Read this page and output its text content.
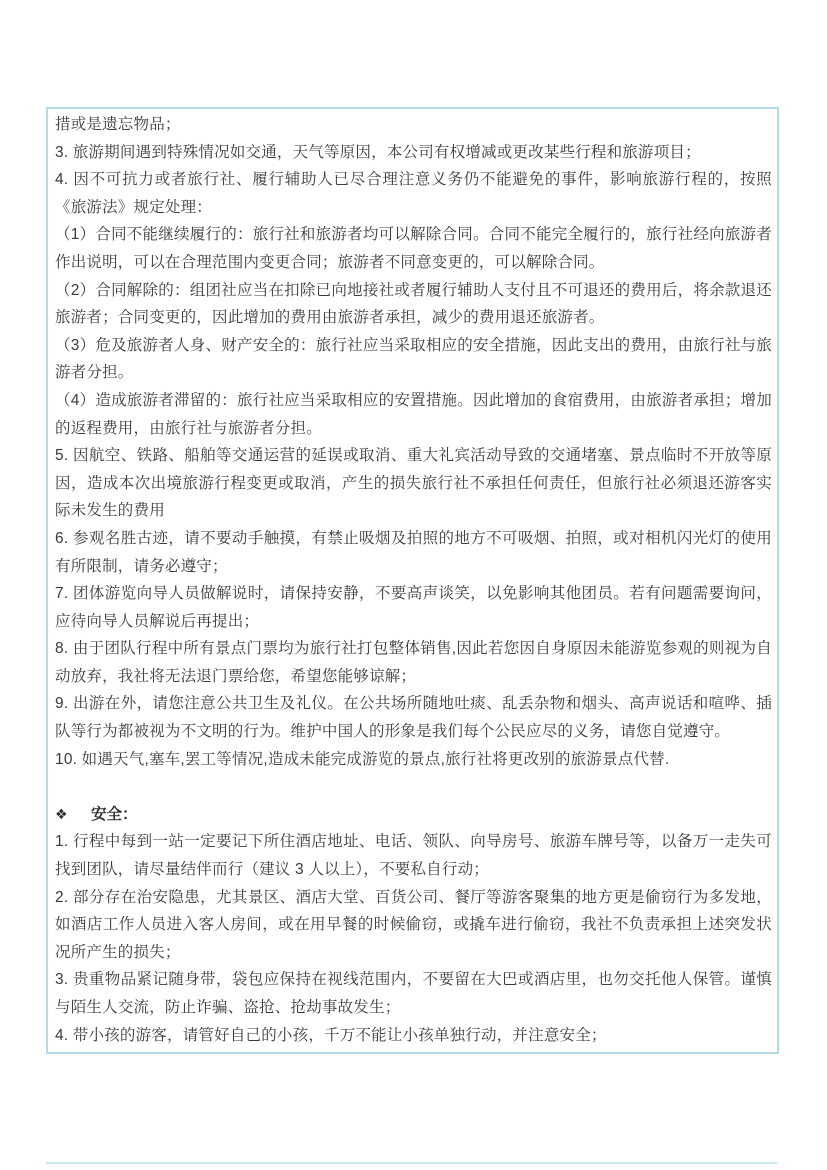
措或是遗忘物品；

3. 旅游期间遇到特殊情况如交通，天气等原因，本公司有权增减或更改某些行程和旅游项目；

4. 因不可抗力或者旅行社、履行辅助人已尽合理注意义务仍不能避免的事件，影响旅游行程的，按照《旅游法》规定处理：

（1）合同不能继续履行的：旅行社和旅游者均可以解除合同。合同不能完全履行的，旅行社经向旅游者作出说明，可以在合理范围内变更合同；旅游者不同意变更的，可以解除合同。

（2）合同解除的：组团社应当在扣除已向地接社或者履行辅助人支付且不可退还的费用后，将余款退还旅游者；合同变更的，因此增加的费用由旅游者承担，减少的费用退还旅游者。

（3）危及旅游者人身、财产安全的：旅行社应当采取相应的安全措施，因此支出的费用，由旅行社与旅游者分担。

（4）造成旅游者滞留的：旅行社应当采取相应的安置措施。因此增加的食宿费用，由旅游者承担；增加的返程费用，由旅行社与旅游者分担。

5. 因航空、铁路、船舶等交通运营的延误或取消、重大礼宾活动导致的交通堵塞、景点临时不开放等原因，造成本次出境旅游行程变更或取消，产生的损失旅行社不承担任何责任，但旅行社必须退还游客实际未发生的费用

6. 参观名胜古迹，请不要动手触摸，有禁止吸烟及拍照的地方不可吸烟、拍照，或对相机闪光灯的使用有所限制，请务必遵守；

7. 团体游览向导人员做解说时，请保持安静，不要高声谈笑，以免影响其他团员。若有问题需要询问，应待向导人员解说后再提出；

8. 由于团队行程中所有景点门票均为旅行社打包整体销售,因此若您因自身原因未能游览参观的则视为自动放弃，我社将无法退门票给您，希望您能够谅解；

9. 出游在外，请您注意公共卫生及礼仪。在公共场所随地吐痰、乱丢杂物和烟头、高声说话和喧哗、插队等行为都被视为不文明的行为。维护中国人的形象是我们每个公民应尽的义务，请您自觉遵守。

10. 如遇天气,塞车,罢工等情况,造成未能完成游览的景点,旅行社将更改别的旅游景点代替.

❖ 安全：

1. 行程中每到一站一定要记下所住酒店地址、电话、领队、向导房号、旅游车牌号等，以备万一走失可找到团队，请尽量结伴而行（建议 3 人以上），不要私自行动；

2. 部分存在治安隐患，尤其景区、酒店大堂、百货公司、餐厅等游客聚集的地方更是偷窃行为多发地，如酒店工作人员进入客人房间，或在用早餐的时候偷窃，或撬车进行偷窃，我社不负责承担上述突发状况所产生的损失；

3. 贵重物品紧记随身带，袋包应保持在视线范围内，不要留在大巴或酒店里，也勿交托他人保管。谨慎与陌生人交流，防止诈骗、盗抢、抢劫事故发生；

4. 带小孩的游客，请管好自己的小孩，千万不能让小孩单独行动，并注意安全；
